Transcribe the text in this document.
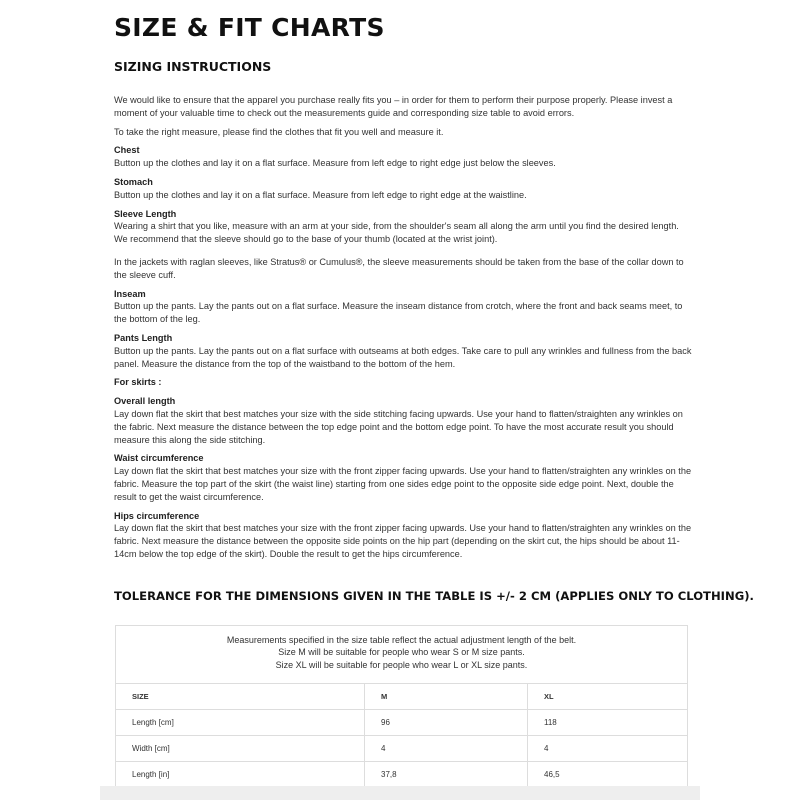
SIZE & FIT CHARTS
SIZING INSTRUCTIONS

We would like to ensure that the apparel you purchase really fits you – in order for them to perform their purpose properly. Please invest a moment of your valuable time to check out the measurements guide and corresponding size table to avoid errors.

To take the right measure, please find the clothes that fit you well and measure it.

Chest

Button up the clothes and lay it on a flat surface. Measure from left edge to right edge just below the sleeves.

Stomach

Button up the clothes and lay it on a flat surface. Measure from left edge to right edge at the waistline.

Sleeve Length

Wearing a shirt that you like, measure with an arm at your side, from the shoulder's seam all along the arm until you find the desired length. We recommend that the sleeve should go to the base of your thumb (located at the wrist joint).

In the jackets with raglan sleeves, like Stratus® or Cumulus®, the sleeve measurements should be taken from the base of the collar down to the sleeve cuff.

Inseam

Button up the pants. Lay the pants out on a flat surface. Measure the inseam distance from crotch, where the front and back seams meet, to the bottom of the leg.

Pants Length

Button up the pants. Lay the pants out on a flat surface with outseams at both edges. Take care to pull any wrinkles and fullness from the back panel. Measure the distance from the top of the waistband to the bottom of the hem.

For skirts :

Overall length

Lay down flat the skirt that best matches your size with the side stitching facing upwards. Use your hand to flatten/straighten any wrinkles on the fabric. Next measure the distance between the top edge point and the bottom edge point. To have the most accurate result you should measure this along the side stitching.

Waist circumference

Lay down flat the skirt that best matches your size with the front zipper facing upwards. Use your hand to flatten/straighten any wrinkles on the fabric. Measure the top part of the skirt (the waist line) starting from one sides edge point to the opposite side edge point. Next, double the result to get the waist circumference.

Hips circumference

Lay down flat the skirt that best matches your size with the front zipper facing upwards. Use your hand to flatten/straighten any wrinkles on the fabric. Next measure the distance between the opposite side points on the hip part (depending on the skirt cut, the hips should be about 11-14cm below the top edge of the skirt). Double the result to get the hips circumference.

TOLERANCE FOR THE DIMENSIONS GIVEN IN THE TABLE IS +/- 2 CM (APPLIES ONLY TO CLOTHING).
Measurements specified in the size table reflect the actual adjustment length of the belt.
Size M will be suitable for people who wear S or M size pants.
Size XL will be suitable for people who wear L or XL size pants.
SIZE	M	XL
Length [cm]	96	118
Width [cm]	4	4
Length [in]	37,8	46,5
